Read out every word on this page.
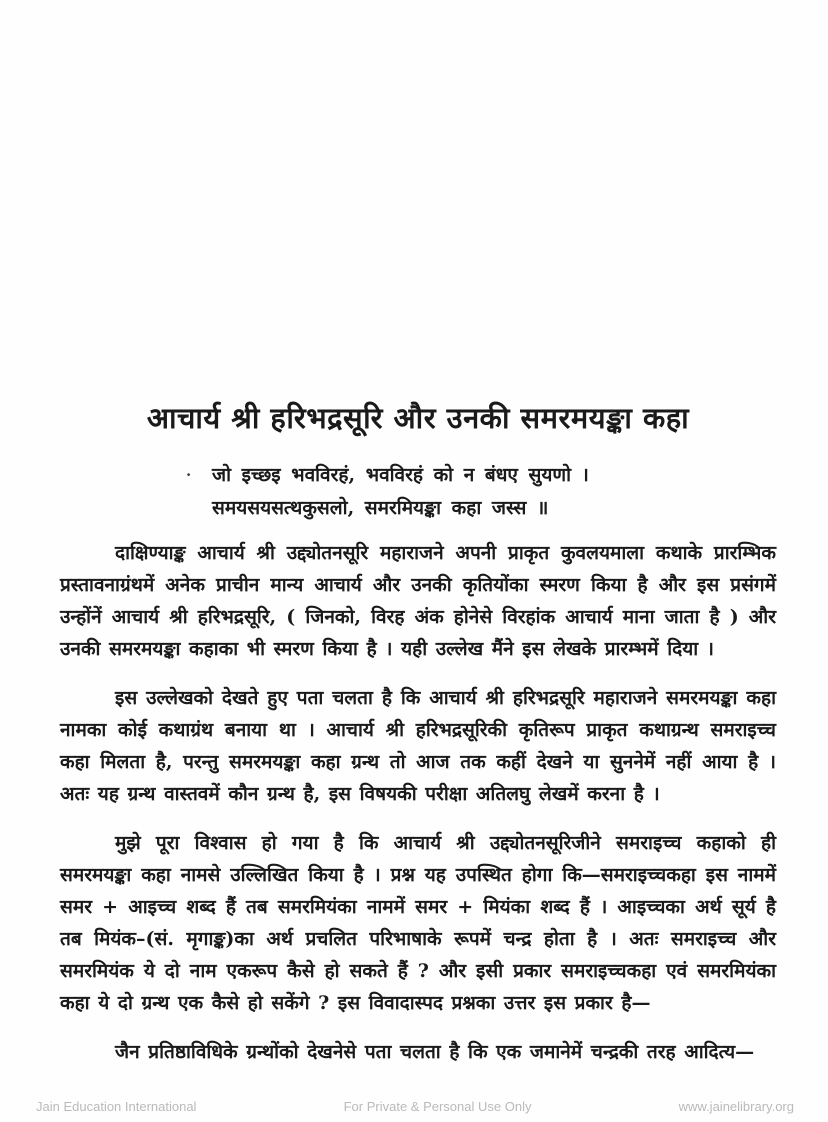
आचार्य श्री हरिभद्रसूरि और उनकी समरमयङ्का कहा
· जो इच्छइ भवविरहं, भवविरहं को न बंधए सुयणो ।
समयसयसत्थकुसलो, समरमियङ्का कहा जस्स ॥

दाक्षिण्याङ्क आचार्य श्री उद्द्योतनसूरि महाराजने अपनी प्राकृत कुवलयमाला कथाके प्रारम्भिक प्रस्तावनाग्रंथमें अनेक प्राचीन मान्य आचार्य और उनकी कृतियोंका स्मरण किया है और इस प्रसंगमें उन्होंनें आचार्य श्री हरिभद्रसूरि, ( जिनको, विरह अंक होनेसे विरहांक आचार्य माना जाता है ) और उनकी समरमयङ्का कहाका भी स्मरण किया है । यही उल्लेख मैंने इस लेखके प्रारम्भमें दिया ।

इस उल्लेखको देखते हुए पता चलता है कि आचार्य श्री हरिभद्रसूरि महाराजने समरमयङ्का कहा नामका कोई कथाग्रंथ बनाया था । आचार्य श्री हरिभद्रसूरिकी कृतिरूप प्राकृत कथाग्रन्थ समराइच्च कहा मिलता है, परन्तु समरमयङ्का कहा ग्रन्थ तो आज तक कहीं देखने या सुननेमें नहीं आया है । अतः यह ग्रन्थ वास्तवमें कौन ग्रन्थ है, इस विषयकी परीक्षा अतिलघु लेखमें करना है ।

मुझे पूरा विश्वास हो गया है कि आचार्य श्री उद्द्योतनसूरिजीने समराइच्च कहाको ही समरमयङ्का कहा नामसे उल्लिखित किया है । प्रश्न यह उपस्थित होगा कि—समराइच्चकहा इस नाममें समर + आइच्च शब्द हैं तब समरमियंका नाममें समर + मियंका शब्द हैं । आइच्चका अर्थ सूर्य है तब मियंक–(सं. मृगाङ्क)का अर्थ प्रचलित परिभाषाके रूपमें चन्द्र होता है । अतः समराइच्च और समरमियंक ये दो नाम एकरूप कैसे हो सकते हैं ? और इसी प्रकार समराइच्चकहा एवं समरमियंका कहा ये दो ग्रन्थ एक कैसे हो सकेंगे ? इस विवादास्पद प्रश्नका उत्तर इस प्रकार है—

जैन प्रतिष्ठाविधिके ग्रन्थोंको देखनेसे पता चलता है कि एक जमानेमें चन्द्रकी तरह आदित्य—

Jain Education International	For Private & Personal Use Only	www.jainelibrary.org
